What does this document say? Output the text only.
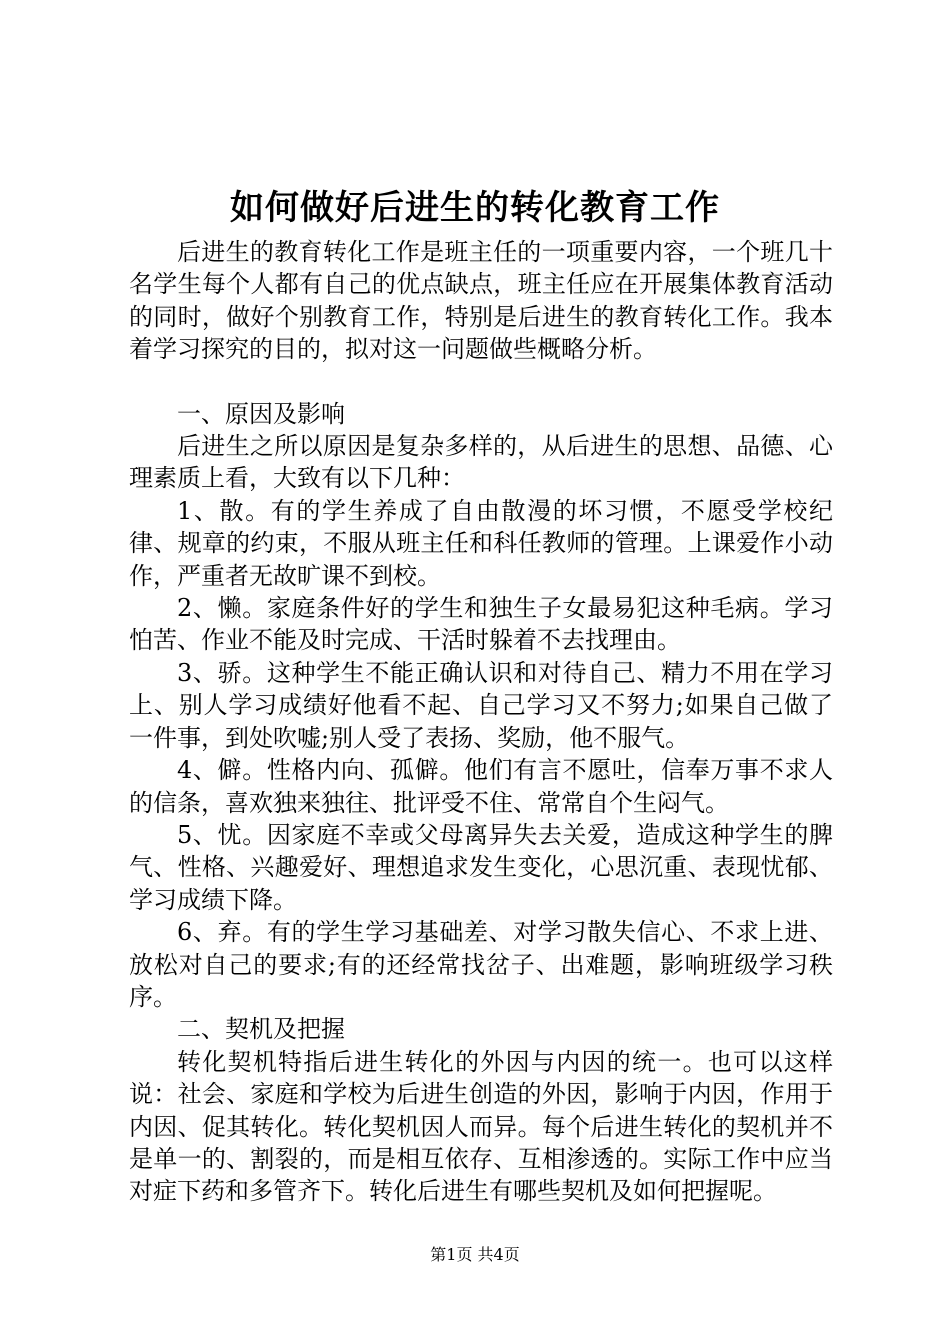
如何做好后进生的转化教育工作

后进生的教育转化工作是班主任的一项重要内容，一个班几十名学生每个人都有自己的优点缺点，班主任应在开展集体教育活动的同时，做好个别教育工作，特别是后进生的教育转化工作。我本着学习探究的目的，拟对这一问题做些概略分析。

一、原因及影响

后进生之所以原因是复杂多样的，从后进生的思想、品德、心理素质上看，大致有以下几种：

1、散。有的学生养成了自由散漫的坏习惯，不愿受学校纪律、规章的约束，不服从班主任和科任教师的管理。上课爱作小动作，严重者无故旷课不到校。

2、懒。家庭条件好的学生和独生子女最易犯这种毛病。学习怕苦、作业不能及时完成、干活时躲着不去找理由。

3、骄。这种学生不能正确认识和对待自己、精力不用在学习上、别人学习成绩好他看不起、自己学习又不努力;如果自己做了一件事，到处吹嘘;别人受了表扬、奖励，他不服气。

4、僻。性格内向、孤僻。他们有言不愿吐，信奉万事不求人的信条，喜欢独来独往、批评受不住、常常自个生闷气。

5、忧。因家庭不幸或父母离异失去关爱，造成这种学生的脾气、性格、兴趣爱好、理想追求发生变化，心思沉重、表现忧郁、学习成绩下降。

6、弃。有的学生学习基础差、对学习散失信心、不求上进、放松对自己的要求;有的还经常找岔子、出难题，影响班级学习秩序。

二、契机及把握

转化契机特指后进生转化的外因与内因的统一。也可以这样说：社会、家庭和学校为后进生创造的外因，影响于内因，作用于内因、促其转化。转化契机因人而异。每个后进生转化的契机并不是单一的、割裂的，而是相互依存、互相渗透的。实际工作中应当对症下药和多管齐下。转化后进生有哪些契机及如何把握呢。

第1页 共4页
